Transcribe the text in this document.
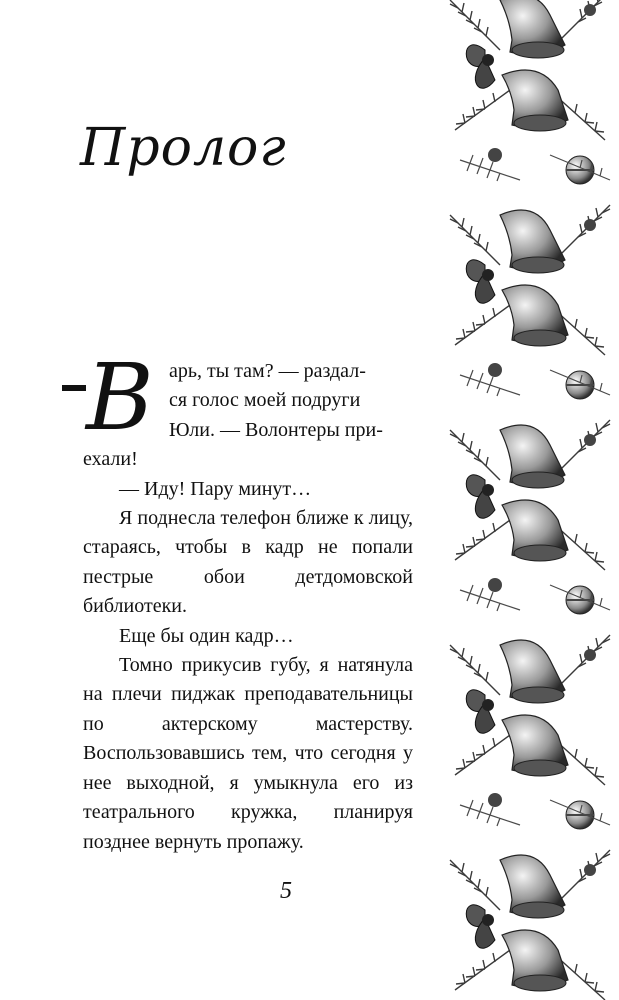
Пролог
В арь, ты там? — раздал-
ся голос моей подруги
Юли. — Волонтеры при-
ехали!

— Иду! Пару минут…

Я поднесла телефон ближе к лицу, стараясь, чтобы в кадр не попали пестрые обои детдомовской библиотеки.

Еще бы один кадр…

Томно прикусив губу, я натянула на плечи пиджак преподавательницы по актерскому мастерству. Воспользовавшись тем, что сегодня у нее выходной, я умыкнула его из театрального кружка, планируя позднее вернуть пропажу.

5
